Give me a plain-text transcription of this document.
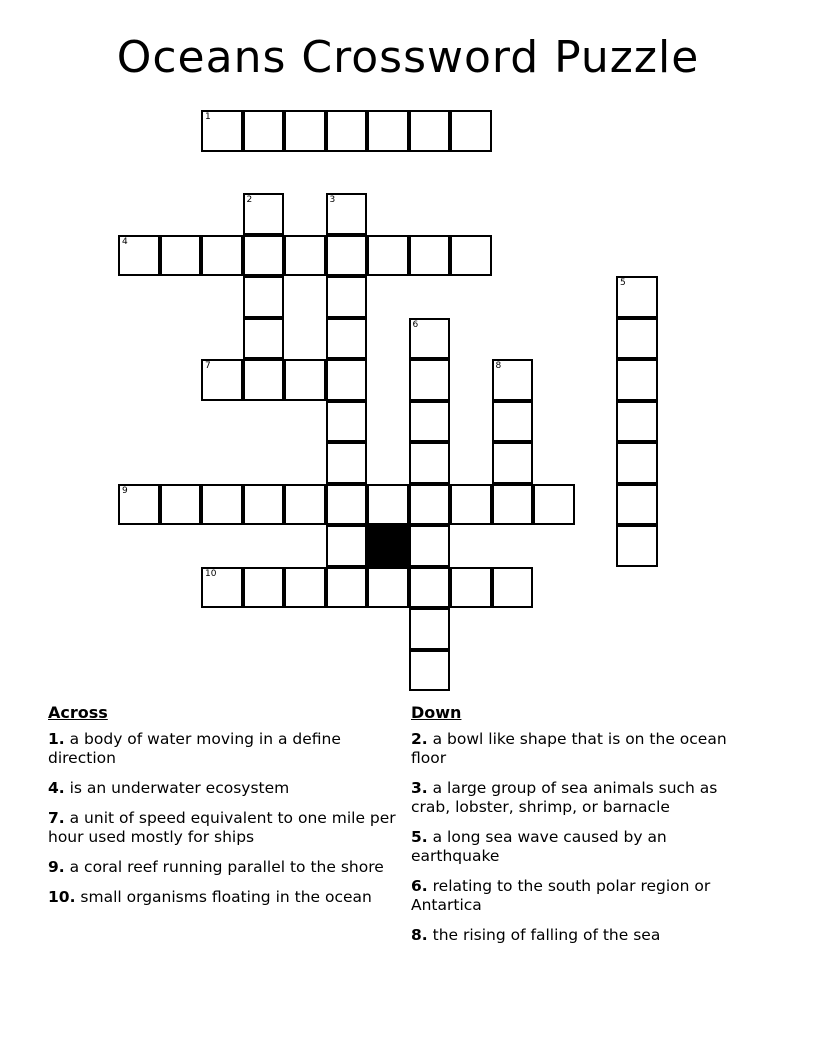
Oceans Crossword Puzzle
1
2	3
4
5
6
7	8
9
10
Across
1. a body of water moving in a define direction
4. is an underwater ecosystem
7. a unit of speed equivalent to one mile per hour used mostly for ships
9. a coral reef running parallel to the shore
10. small organisms floating in the ocean
Down
2. a bowl like shape that is on the ocean floor
3. a large group of sea animals such as crab, lobster, shrimp, or barnacle
5. a long sea wave caused by an earthquake
6. relating to the south polar region or Antartica
8. the rising of falling of the sea
